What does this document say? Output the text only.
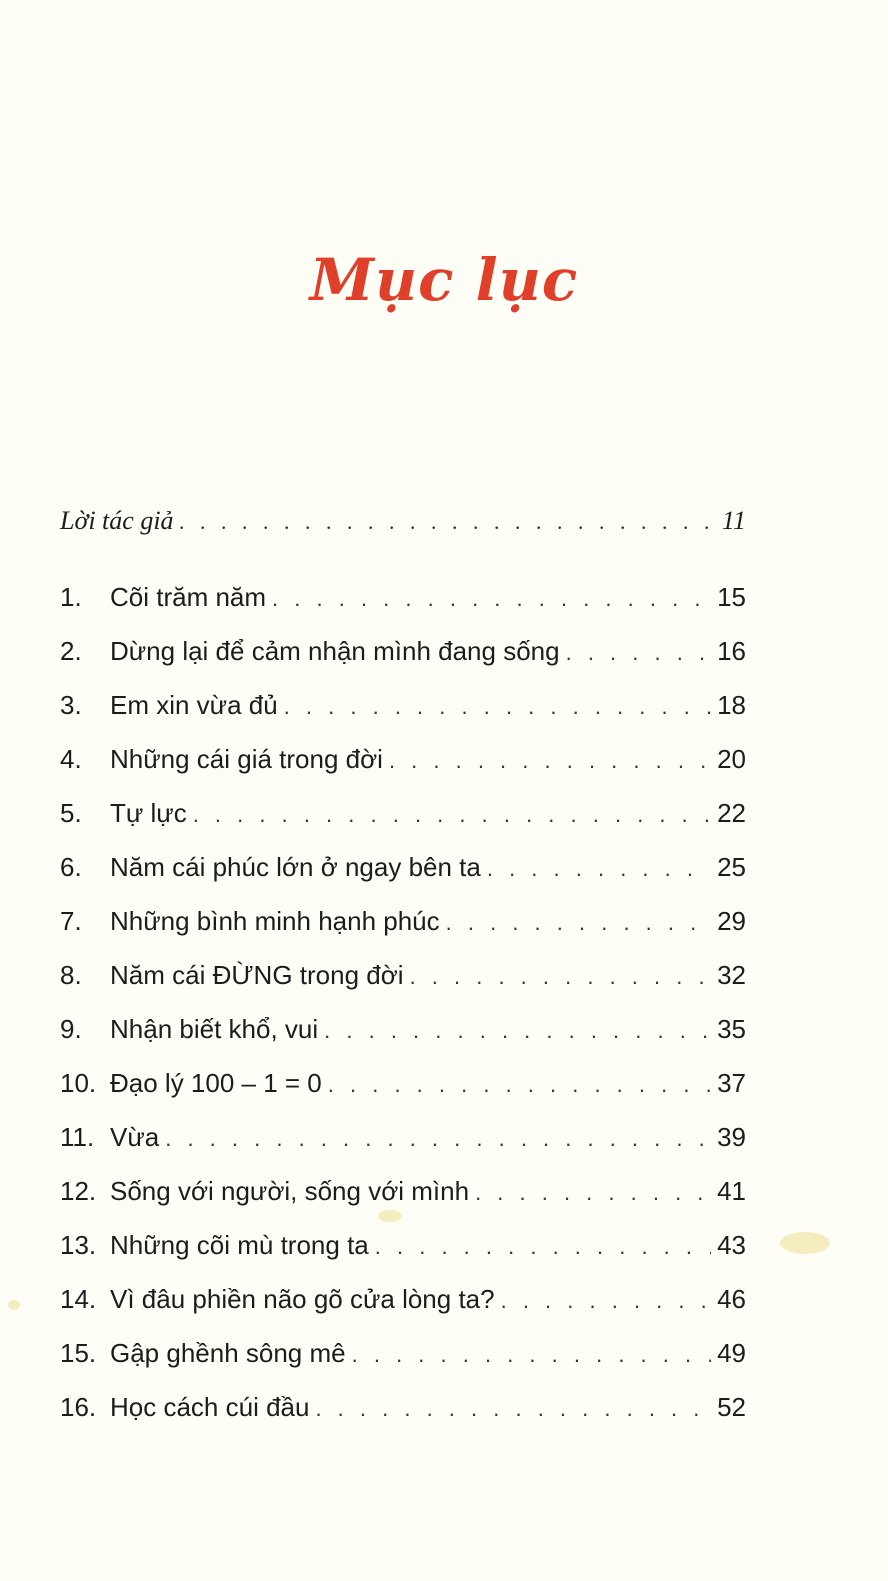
Mục lục
Lời tác giả . . .	11
1.	Cõi trăm năm . . .	15
2.	Dừng lại để cảm nhận mình đang sống . . .	16
3.	Em xin vừa đủ . . .	18
4.	Những cái giá trong đời . . .	20
5.	Tự lực . . .	22
6.	Năm cái phúc lớn ở ngay bên ta . . .	25
7.	Những bình minh hạnh phúc . . .	29
8.	Năm cái ĐỪNG trong đời . . .	32
9.	Nhận biết khổ, vui . . .	35
10. Đạo lý 100 – 1 = 0 . . .	37
11. Vừa . . .	39
12. Sống với người, sống với mình . . .	41
13. Những cõi mù trong ta . . .	43
14. Vì đâu phiền não gõ cửa lòng ta? . . .	46
15. Gập ghềnh sông mê . . .	49
16. Học cách cúi đầu . . .	52
